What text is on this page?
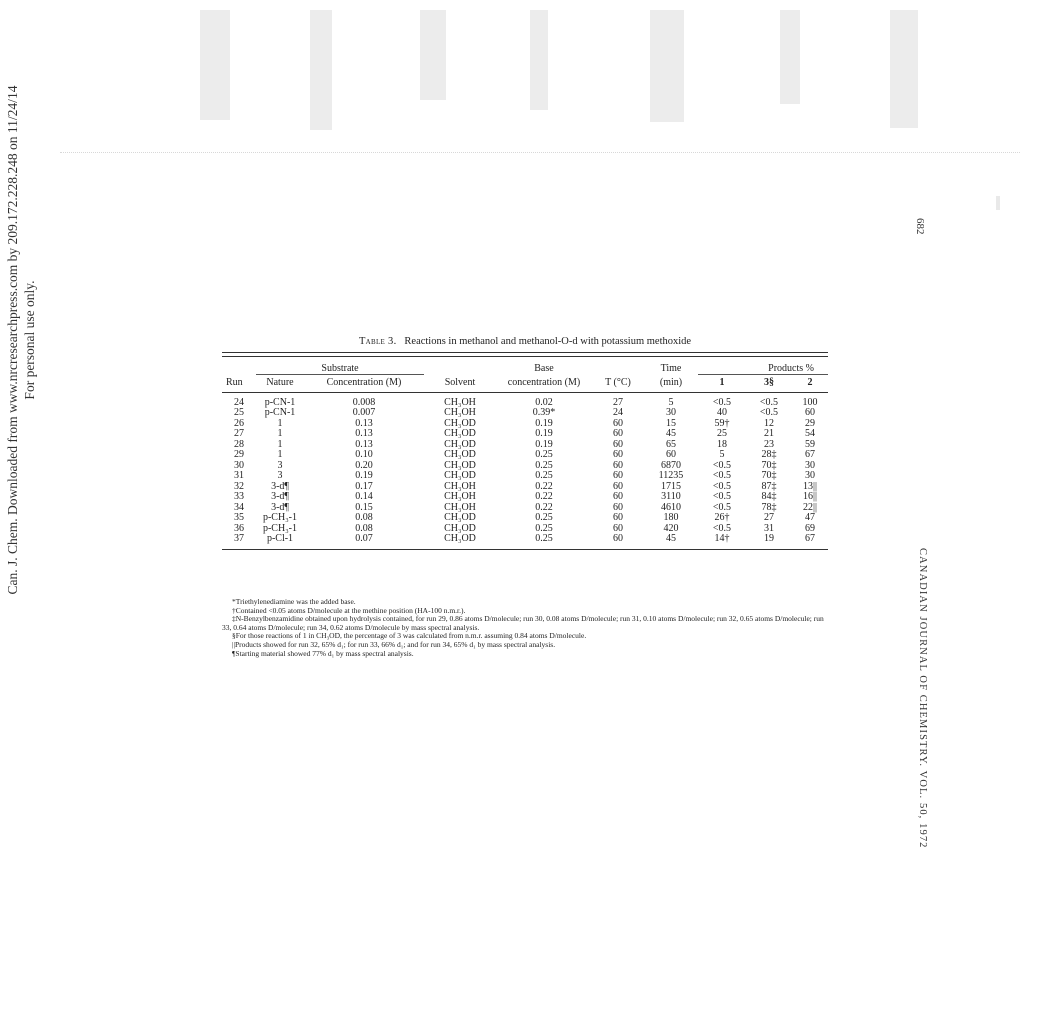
Can. J. Chem. Downloaded from www.nrcresearchpress.com by 209.172.228.248 on 11/24/14 For personal use only.
CANADIAN JOURNAL OF CHEMISTRY. VOL. 50, 1972
682
Table 3. Reactions in methanol and methanol-O-d with potassium methoxide

	Substrate			Base		Time	Products %		
Run	Nature	Concentration (M)	Solvent	concentration (M)	T (°C)	(min)	1	3§	2
24	p-CN-1	0.008	CH₃OH	0.02	27	5	<0.5	<0.5	100
25	p-CN-1	0.007	CH₃OH	0.39*	24	30	40	<0.5	60
26	1	0.13	CH₃OD	0.19	60	15	59†	12	29
27	1	0.13	CH₃OD	0.19	60	45	25	21	54
28	1	0.13	CH₃OD	0.19	60	65	18	23	59
29	1	0.10	CH₃OD	0.25	60	60	5	28‡	67
30	3	0.20	CH₃OD	0.25	60	6870	<0.5	70‡	30
31	3	0.19	CH₃OD	0.25	60	11235	<0.5	70‡	30
32	3-d¶	0.17	CH₃OH	0.22	60	1715	<0.5	87‡	13||
33	3-d¶	0.14	CH₃OH	0.22	60	3110	<0.5	84‡	16||
34	3-d¶	0.15	CH₃OH	0.22	60	4610	<0.5	78‡	22||
35	p-CH₃-1	0.08	CH₃OD	0.25	60	180	26†	27	47
36	p-CH₃-1	0.08	CH₃OD	0.25	60	420	<0.5	31	69
37	p-Cl-1	0.07	CH₃OD	0.25	60	45	14†	19	67
*Triethylenediamine was the added base.
†Contained <0.05 atoms D/molecule at the methine position (HA-100 n.m.r.).
‡N-Benzylbenzamidine obtained upon hydrolysis contained, for run 29, 0.86 atoms D/molecule; run 30, 0.08 atoms D/molecule; run 31, 0.10 atoms D/molecule; run 32, 0.65 atoms D/molecule; run 33, 0.64 atoms D/molecule; run 34, 0.62 atoms D/molecule by mass spectral analysis.
§For those reactions of 1 in CH₃OD, the percentage of 3 was calculated from n.m.r. assuming 0.84 atoms D/molecule.
||Products showed for run 32, 65% d₁; for run 33, 66% d₁; and for run 34, 65% d₁ by mass spectral analysis.
¶Starting material showed 77% d₁ by mass spectral analysis.
